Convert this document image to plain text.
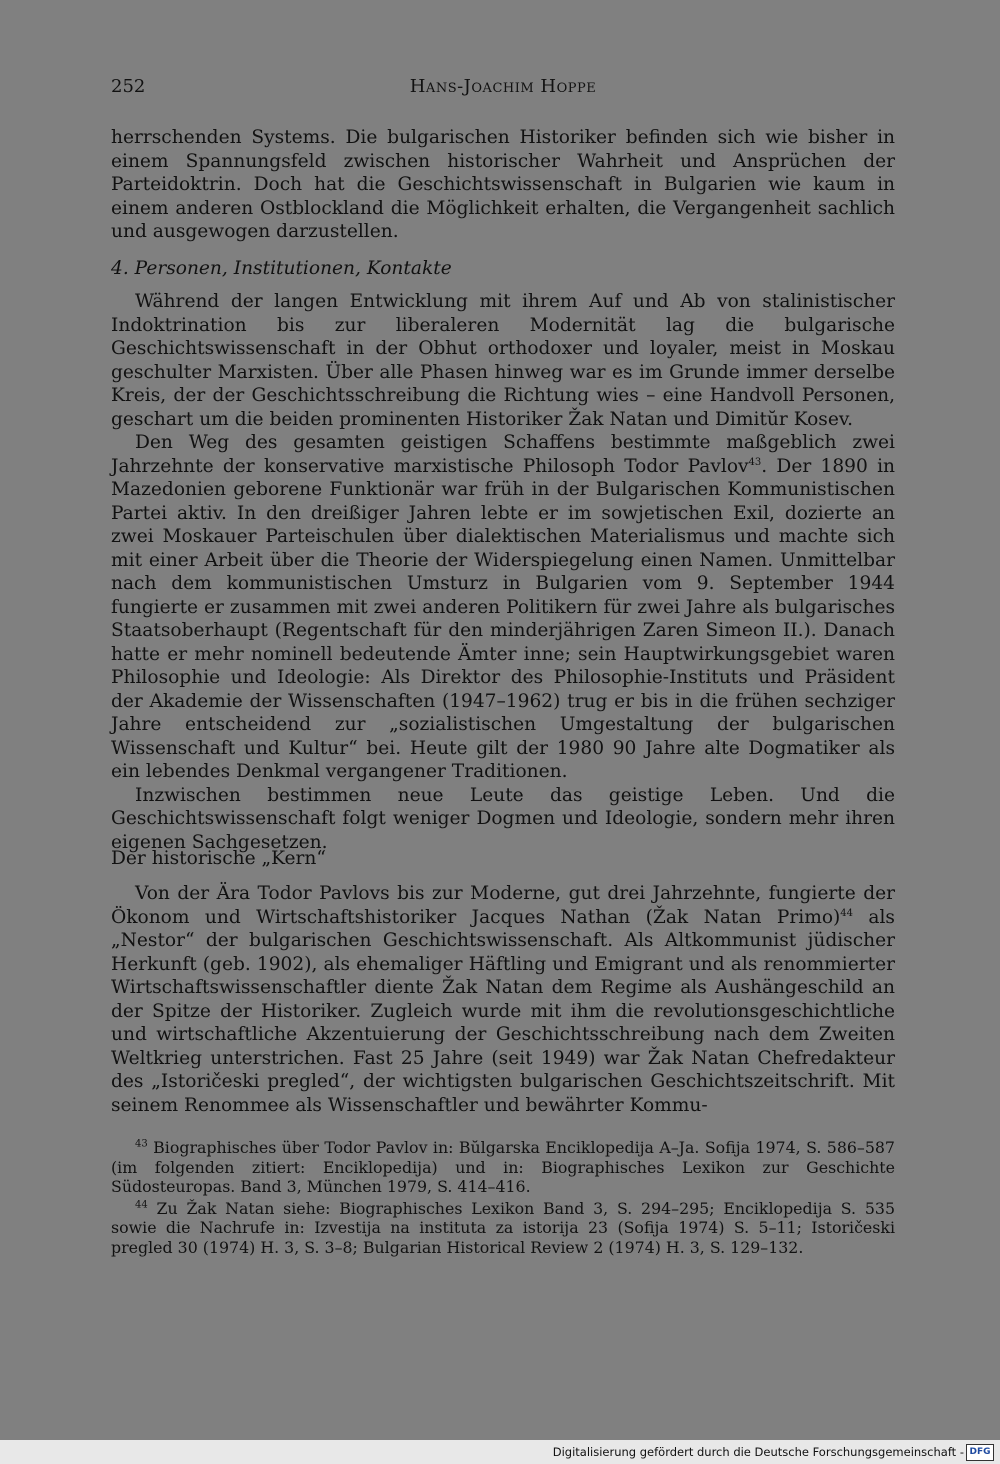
252	Hans-Joachim Hoppe

herrschenden Systems. Die bulgarischen Historiker befinden sich wie bisher in einem Spannungsfeld zwischen historischer Wahrheit und Ansprüchen der Parteidoktrin. Doch hat die Geschichtswissenschaft in Bulgarien wie kaum in einem anderen Ostblockland die Möglichkeit erhalten, die Vergangenheit sachlich und ausgewogen darzustellen.

4. Personen, Institutionen, Kontakte

Während der langen Entwicklung mit ihrem Auf und Ab von stalinistischer Indoktrination bis zur liberaleren Modernität lag die bulgarische Geschichtswissenschaft in der Obhut orthodoxer und loyaler, meist in Moskau geschulter Marxisten. Über alle Phasen hinweg war es im Grunde immer derselbe Kreis, der der Geschichtsschreibung die Richtung wies – eine Handvoll Personen, geschart um die beiden prominenten Historiker Žak Natan und Dimitŭr Kosev.

Den Weg des gesamten geistigen Schaffens bestimmte maßgeblich zwei Jahrzehnte der konservative marxistische Philosoph Todor Pavlov$^{43}$. Der 1890 in Mazedonien geborene Funktionär war früh in der Bulgarischen Kommunistischen Partei aktiv. In den dreißiger Jahren lebte er im sowjetischen Exil, dozierte an zwei Moskauer Parteischulen über dialektischen Materialismus und machte sich mit einer Arbeit über die Theorie der Widerspiegelung einen Namen. Unmittelbar nach dem kommunistischen Umsturz in Bulgarien vom 9. September 1944 fungierte er zusammen mit zwei anderen Politikern für zwei Jahre als bulgarisches Staatsoberhaupt (Regentschaft für den minderjährigen Zaren Simeon II.). Danach hatte er mehr nominell bedeutende Ämter inne; sein Hauptwirkungsgebiet waren Philosophie und Ideologie: Als Direktor des Philosophie-Instituts und Präsident der Akademie der Wissenschaften (1947–1962) trug er bis in die frühen sechziger Jahre entscheidend zur „sozialistischen Umgestaltung der bulgarischen Wissenschaft und Kultur“ bei. Heute gilt der 1980 90 Jahre alte Dogmatiker als ein lebendes Denkmal vergangener Traditionen.

Inzwischen bestimmen neue Leute das geistige Leben. Und die Geschichtswissenschaft folgt weniger Dogmen und Ideologie, sondern mehr ihren eigenen Sachgesetzen.

Der historische „Kern“

Von der Ära Todor Pavlovs bis zur Moderne, gut drei Jahrzehnte, fungierte der Ökonom und Wirtschaftshistoriker Jacques Nathan (Žak Natan Primo)$^{44}$ als „Nestor“ der bulgarischen Geschichtswissenschaft. Als Altkommunist jüdischer Herkunft (geb. 1902), als ehemaliger Häftling und Emigrant und als renommierter Wirtschaftswissenschaftler diente Žak Natan dem Regime als Aushängeschild an der Spitze der Historiker. Zugleich wurde mit ihm die revolutionsgeschichtliche und wirtschaftliche Akzentuierung der Geschichtsschreibung nach dem Zweiten Weltkrieg unterstrichen. Fast 25 Jahre (seit 1949) war Žak Natan Chefredakteur des „Istoričeski pregled“, der wichtigsten bulgarischen Geschichtszeitschrift. Mit seinem Renommee als Wissenschaftler und bewährter Kommu-

$^{43}$ Biographisches über Todor Pavlov in: Bŭlgarska Enciklopedija A–Ja. Sofija 1974, S. 586–587 (im folgenden zitiert: Enciklopedija) und in: Biographisches Lexikon zur Geschichte Südosteuropas. Band 3, München 1979, S. 414–416.

$^{44}$ Zu Žak Natan siehe: Biographisches Lexikon Band 3, S. 294–295; Enciklopedija S. 535 sowie die Nachrufe in: Izvestija na instituta za istorija 23 (Sofija 1974) S. 5–11; Istoričeski pregled 30 (1974) H. 3, S. 3–8; Bulgarian Historical Review 2 (1974) H. 3, S. 129–132.

Digitalisierung gefördert durch die Deutsche Forschungsgemeinschaft - DFG
